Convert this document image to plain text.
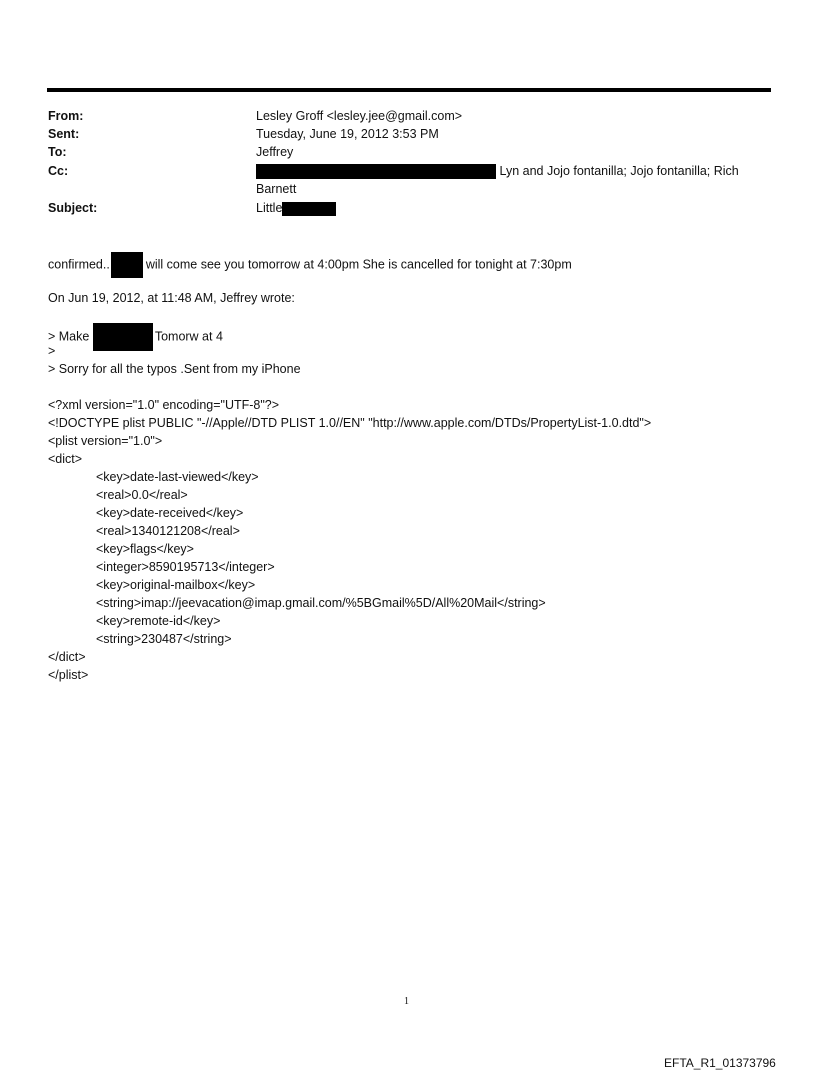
From:	Lesley Groff <lesley.jee@gmail.com>
Sent:	Tuesday, June 19, 2012 3:53 PM
To:	Jeffrey
Cc:	Lyn and Jojo fontanilla; Jojo fontanilla; Rich
Barnett
Subject:	Little
confirmed..	will come see you tomorrow at 4:00pm She is cancelled for tonight at 7:30pm
On Jun 19, 2012, at 11:48 AM, Jeffrey wrote:
> Make	Tomorw at 4
>
> Sorry for all the typos .Sent from my iPhone
<?xml version="1.0" encoding="UTF-8"?>
<!DOCTYPE plist PUBLIC "-//Apple//DTD PLIST 1.0//EN" "http://www.apple.com/DTDs/PropertyList-1.0.dtd">
<plist version="1.0">
<dict>
<key>date-last-viewed</key>
<real>0.0</real>
<key>date-received</key>
<real>1340121208</real>
<key>flags</key>
<integer>8590195713</integer>
<key>original-mailbox</key>
<string>imap://jeevacation@imap.gmail.com/%5BGmail%5D/All%20Mail</string>
<key>remote-id</key>
<string>230487</string>
</dict>
</plist>
1
EFTA_R1_01373796
